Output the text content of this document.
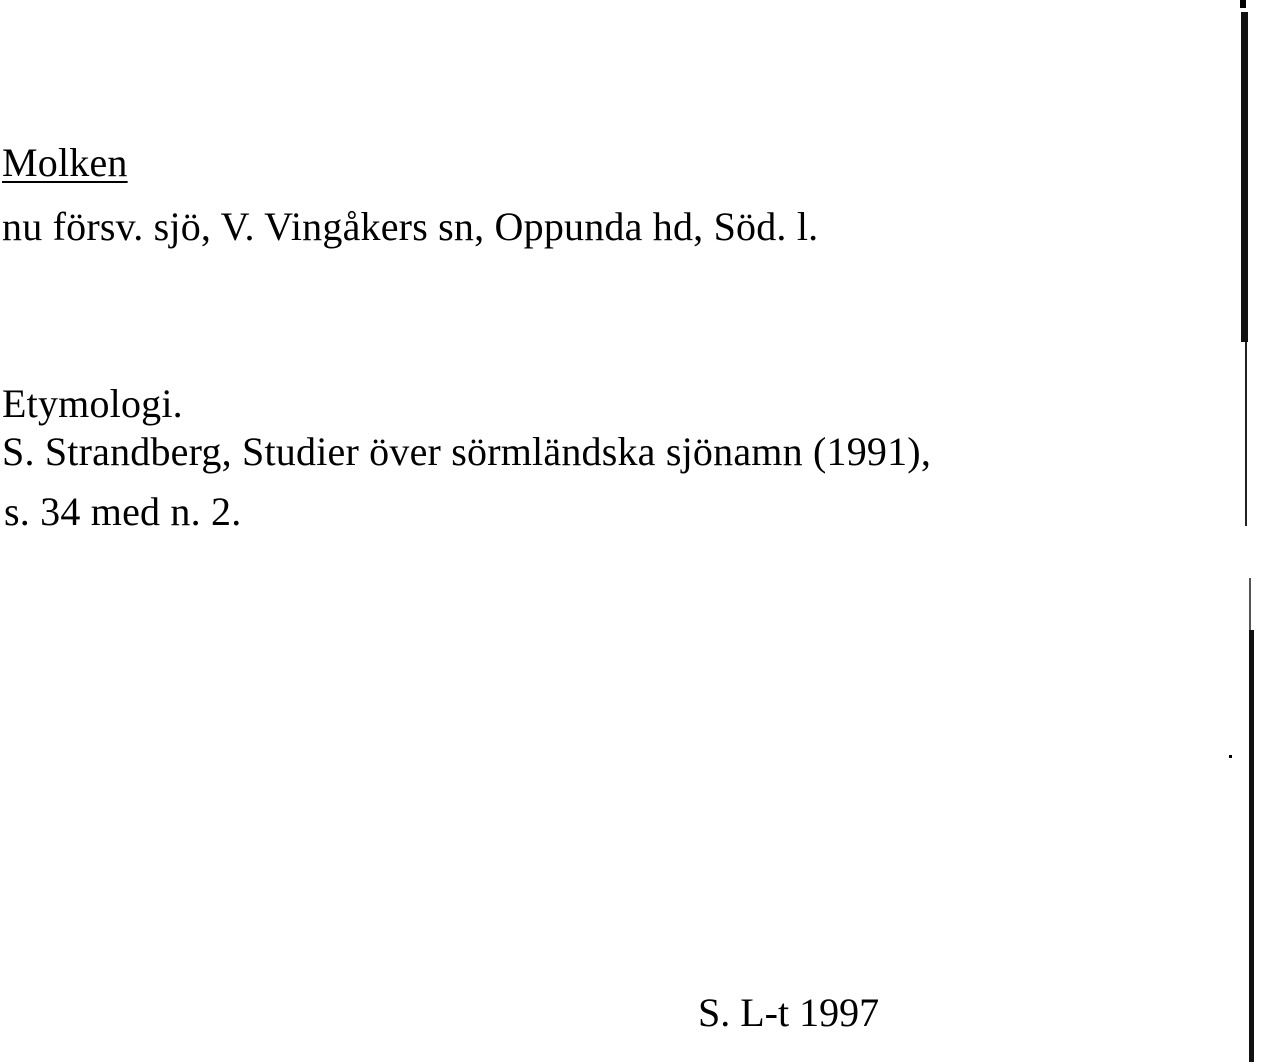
Molken
nu försv. sjö, V. Vingåkers sn, Oppunda hd, Söd. l.
Etymologi.
S. Strandberg, Studier över sörmländska sjönamn (1991),
s. 34 med n. 2.
S. L-t 1997
